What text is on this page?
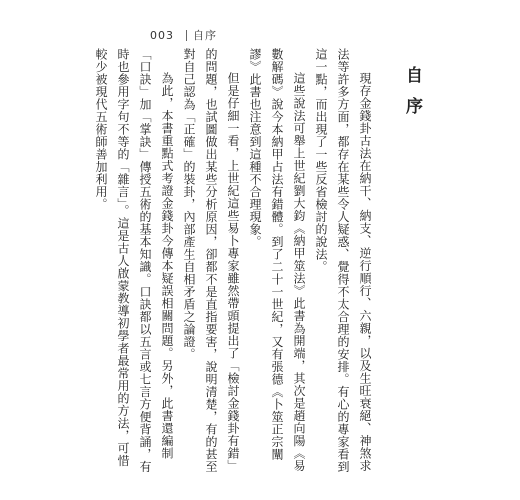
003 自序
自序

現存金錢卦古法在納干、納支、逆行順行、六親，以及生旺衰絕、神煞求法等許多方面，都存在某些令人疑惑、覺得不太合理的安排。有心的專家看到這一點，而出現了一些反省檢討的說法。

這些說法可舉上世紀劉大鈞《納甲筮法》此書為開端，其次是趙向陽《易數解碼》說今本納甲占法有錯體。到了二十一世紀，又有張德《卜筮正宗闡謬》此書也注意到這種不合理現象。

但是仔細一看，上世紀這些易卜專家雖然帶頭提出了「檢討金錢卦有錯」的問題，也試圖做出某些分析原因，卻都不是直指要害，說明清楚，有的甚至對自己認為「正確」的裝卦，內部產生自相矛盾之論證。

為此，本書重點式考證金錢卦今傳本疑誤相關問題。另外，此書還編制「口訣」加「掌訣」傳授五術的基本知識。口訣都以五言或七言方便背誦，有時也參用字句不等的「雜言」。這是古人啟蒙教導初學者最常用的方法，可惜較少被現代五術師善加利用。
